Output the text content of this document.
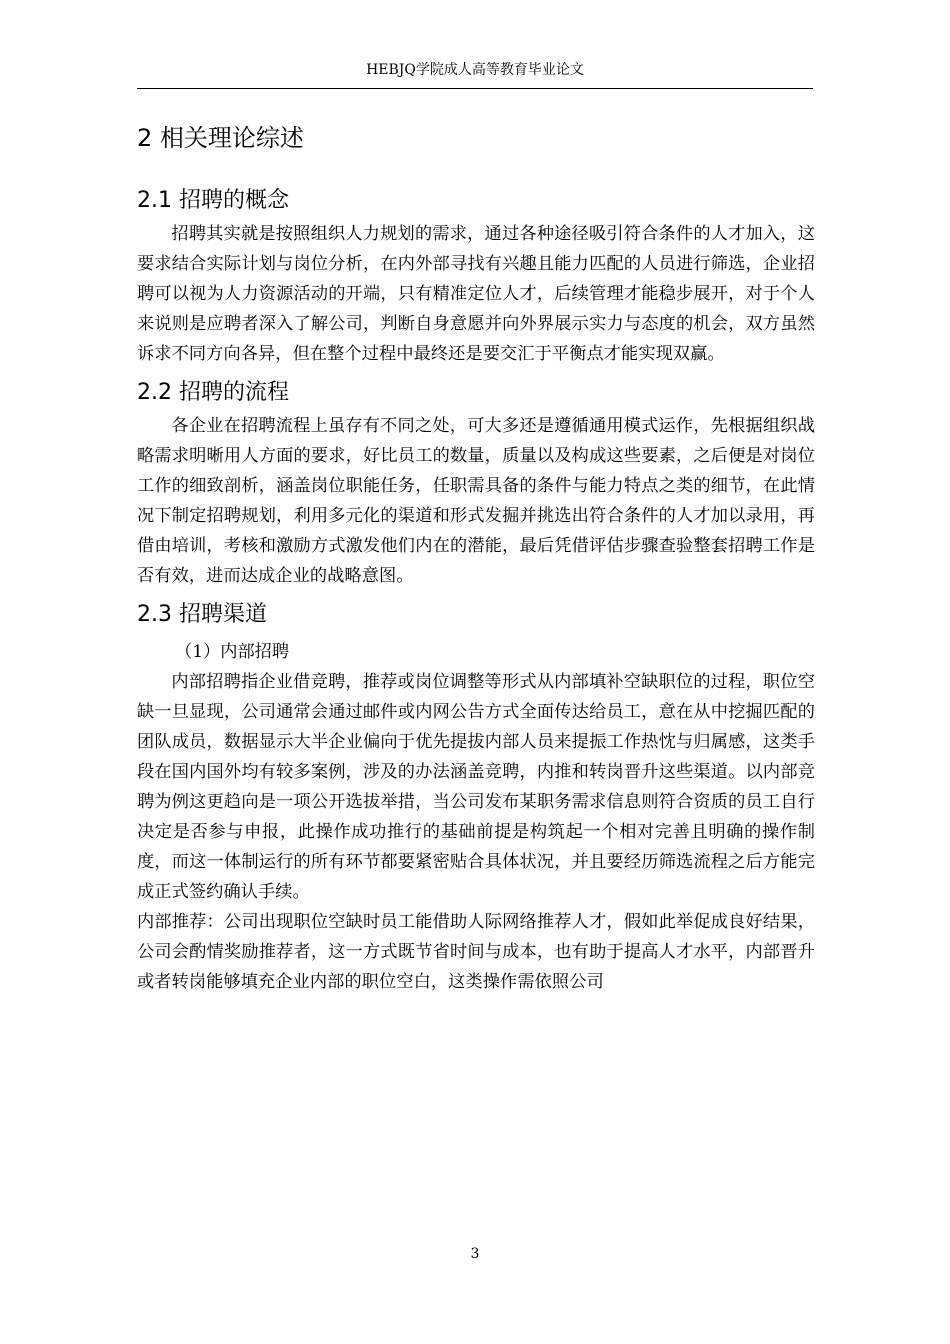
HEBJQ学院成人高等教育毕业论文
2 相关理论综述
2.1 招聘的概念

招聘其实就是按照组织人力规划的需求，通过各种途径吸引符合条件的人才加入，这要求结合实际计划与岗位分析，在内外部寻找有兴趣且能力匹配的人员进行筛选，企业招聘可以视为人力资源活动的开端，只有精准定位人才，后续管理才能稳步展开，对于个人来说则是应聘者深入了解公司，判断自身意愿并向外界展示实力与态度的机会，双方虽然诉求不同方向各异，但在整个过程中最终还是要交汇于平衡点才能实现双赢。

2.2 招聘的流程

各企业在招聘流程上虽存有不同之处，可大多还是遵循通用模式运作，先根据组织战略需求明晰用人方面的要求，好比员工的数量，质量以及构成这些要素，之后便是对岗位工作的细致剖析，涵盖岗位职能任务，任职需具备的条件与能力特点之类的细节，在此情况下制定招聘规划，利用多元化的渠道和形式发掘并挑选出符合条件的人才加以录用，再借由培训，考核和激励方式激发他们内在的潜能，最后凭借评估步骤查验整套招聘工作是否有效，进而达成企业的战略意图。

2.3 招聘渠道
（1）内部招聘

内部招聘指企业借竞聘，推荐或岗位调整等形式从内部填补空缺职位的过程，职位空缺一旦显现，公司通常会通过邮件或内网公告方式全面传达给员工，意在从中挖掘匹配的团队成员，数据显示大半企业偏向于优先提拔内部人员来提振工作热忱与归属感，这类手段在国内国外均有较多案例，涉及的办法涵盖竞聘，内推和转岗晋升这些渠道。以内部竞聘为例这更趋向是一项公开选拔举措，当公司发布某职务需求信息则符合资质的员工自行决定是否参与申报，此操作成功推行的基础前提是构筑起一个相对完善且明确的操作制度，而这一体制运行的所有环节都要紧密贴合具体状况，并且要经历筛选流程之后方能完成正式签约确认手续。

内部推荐：公司出现职位空缺时员工能借助人际网络推荐人才，假如此举促成良好结果，公司会酌情奖励推荐者，这一方式既节省时间与成本，也有助于提高人才水平，内部晋升或者转岗能够填充企业内部的职位空白，这类操作需依照公司

3
